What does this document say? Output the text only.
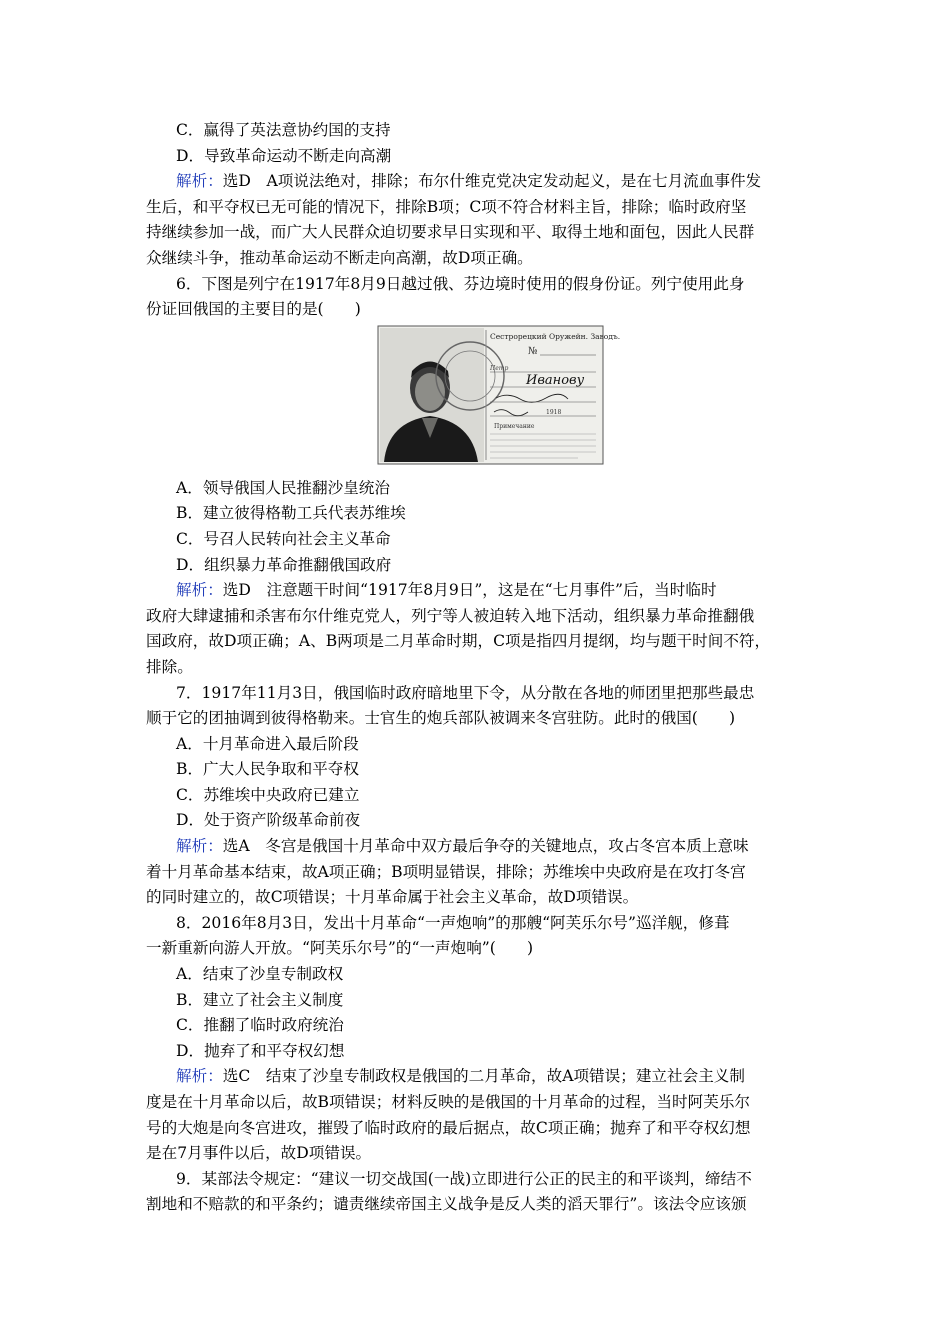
C．赢得了英法意协约国的支持
D．导致革命运动不断走向高潮
解析：选D　A项说法绝对，排除；布尔什维克党决定发动起义，是在七月流血事件发
生后，和平夺权已无可能的情况下，排除B项；C项不符合材料主旨，排除；临时政府坚
持继续参加一战，而广大人民群众迫切要求早日实现和平、取得土地和面包，因此人民群
众继续斗争，推动革命运动不断走向高潮，故D项正确。
6．下图是列宁在1917年8月9日越过俄、芬边境时使用的假身份证。列宁使用此身
份证回俄国的主要目的是(　　)
Сестрорецкий Оружейн. Заводъ.
№
Петр
Иванову
1918
Примечание
A．领导俄国人民推翻沙皇统治
B．建立彼得格勒工兵代表苏维埃
C．号召人民转向社会主义革命
D．组织暴力革命推翻俄国政府
解析：选D　注意题干时间“1917年8月9日”，这是在“七月事件”后，当时临时
政府大肆逮捕和杀害布尔什维克党人，列宁等人被迫转入地下活动，组织暴力革命推翻俄
国政府，故D项正确；A、B两项是二月革命时期，C项是指四月提纲，均与题干时间不符，
排除。
7．1917年11月3日，俄国临时政府暗地里下令，从分散在各地的师团里把那些最忠
顺于它的团抽调到彼得格勒来。士官生的炮兵部队被调来冬宫驻防。此时的俄国(　　)
A．十月革命进入最后阶段
B．广大人民争取和平夺权
C．苏维埃中央政府已建立
D．处于资产阶级革命前夜
解析：选A　冬宫是俄国十月革命中双方最后争夺的关键地点，攻占冬宫本质上意味
着十月革命基本结束，故A项正确；B项明显错误，排除；苏维埃中央政府是在攻打冬宫
的同时建立的，故C项错误；十月革命属于社会主义革命，故D项错误。
8．2016年8月3日，发出十月革命“一声炮响”的那艘“阿芙乐尔号”巡洋舰，修葺
一新重新向游人开放。“阿芙乐尔号”的“一声炮响”(　　)
A．结束了沙皇专制政权
B．建立了社会主义制度
C．推翻了临时政府统治
D．抛弃了和平夺权幻想
解析：选C　结束了沙皇专制政权是俄国的二月革命，故A项错误；建立社会主义制
度是在十月革命以后，故B项错误；材料反映的是俄国的十月革命的过程，当时阿芙乐尔
号的大炮是向冬宫进攻，摧毁了临时政府的最后据点，故C项正确；抛弃了和平夺权幻想
是在7月事件以后，故D项错误。
9．某部法令规定：“建议一切交战国(一战)立即进行公正的民主的和平谈判，缔结不
割地和不赔款的和平条约；谴责继续帝国主义战争是反人类的滔天罪行”。该法令应该颁
